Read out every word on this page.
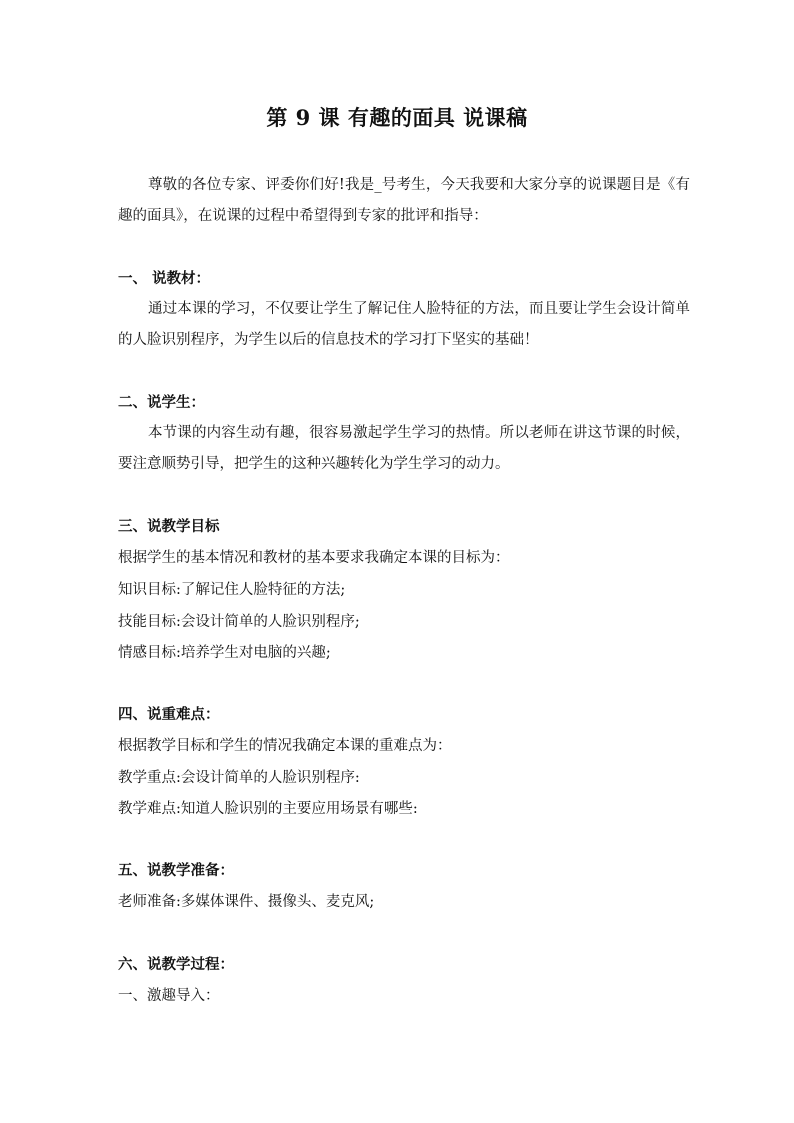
第 9 课 有趣的面具 说课稿
尊敬的各位专家、评委你们好!我是_号考生，今天我要和大家分享的说课题目是《有趣的面具》，在说课的过程中希望得到专家的批评和指导：
一、 说教材：
通过本课的学习，不仅要让学生了解记住人脸特征的方法，而且要让学生会设计简单的人脸识别程序，为学生以后的信息技术的学习打下坚实的基础！
二、说学生：
本节课的内容生动有趣，很容易激起学生学习的热情。所以老师在讲这节课的时候，要注意顺势引导，把学生的这种兴趣转化为学生学习的动力。
三、说教学目标
根据学生的基本情况和教材的基本要求我确定本课的目标为：
知识目标:了解记住人脸特征的方法;
技能目标:会设计简单的人脸识别程序;
情感目标:培养学生对电脑的兴趣;
四、说重难点：
根据教学目标和学生的情况我确定本课的重难点为：
教学重点:会设计简单的人脸识别程序:
教学难点:知道人脸识别的主要应用场景有哪些:
五、说教学准备：
老师准备:多媒体课件、摄像头、麦克风;
六、说教学过程：
一、激趣导入：
